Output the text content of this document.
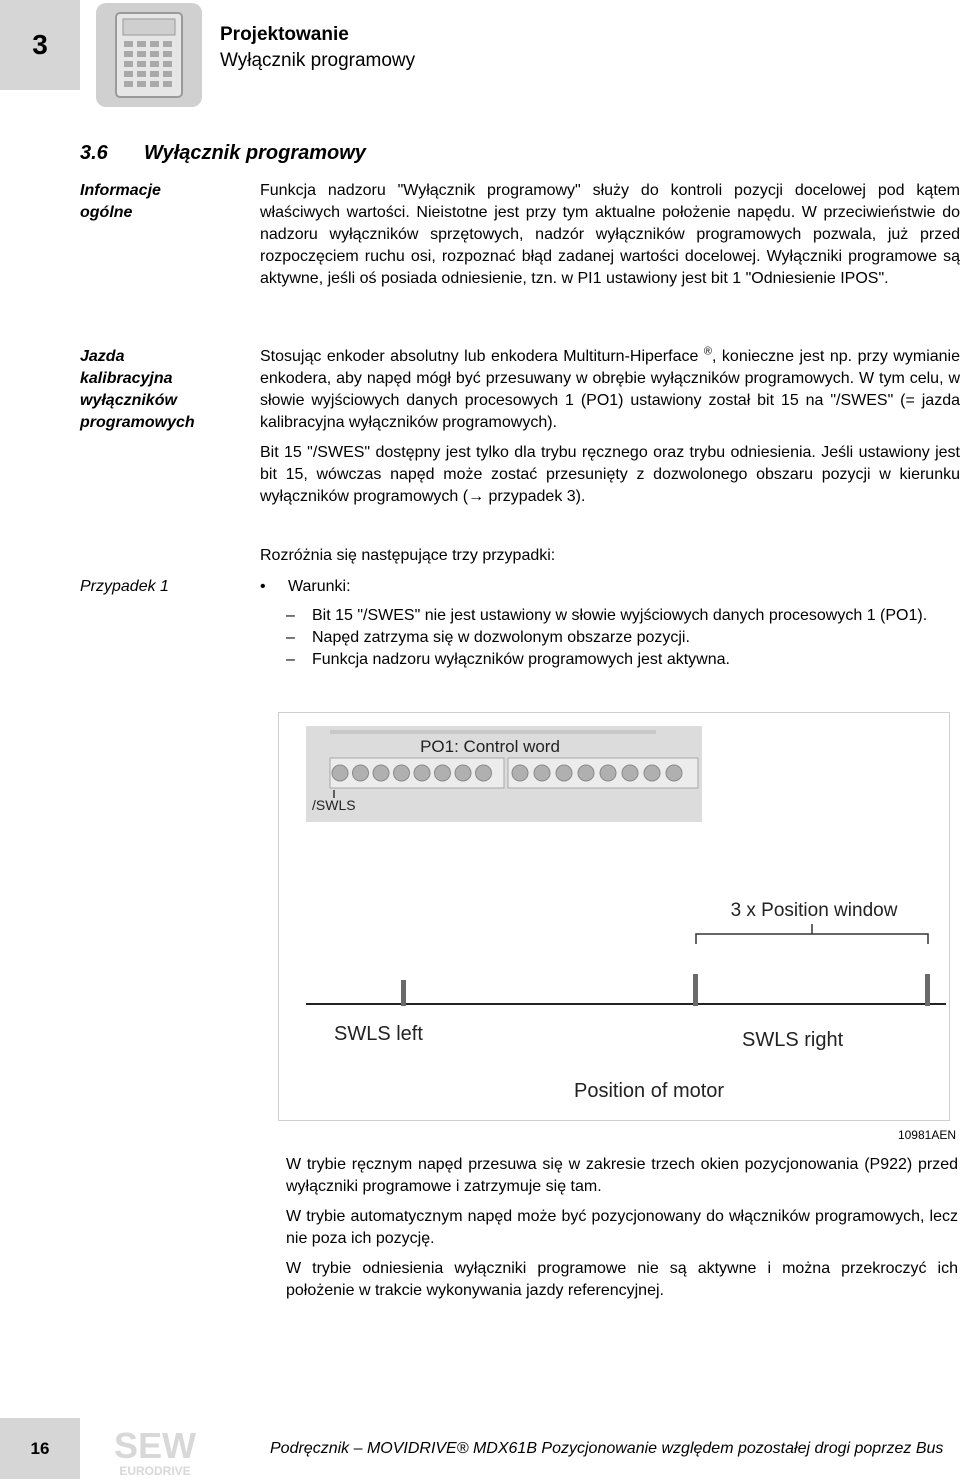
3	Projektowanie
Wyłącznik programowy
3.6 Wyłącznik programowy
Informacje
ogólne

Funkcja nadzoru "Wyłącznik programowy" służy do kontroli pozycji docelowej pod kątem właściwych wartości. Nieistotne jest przy tym aktualne położenie napędu. W przeciwieństwie do nadzoru wyłączników sprzętowych, nadzór wyłączników programowych pozwala, już przed rozpoczęciem ruchu osi, rozpoznać błąd zadanej wartości docelowej. Wyłączniki programowe są aktywne, jeśli oś posiada odniesienie, tzn. w PI1 ustawiony jest bit 1 "Odniesienie IPOS".

Jazda
kalibracyjna
wyłączników
programowych

Stosując enkoder absolutny lub enkodera Multiturn-Hiperface ®, konieczne jest np. przy wymianie enkodera, aby napęd mógł być przesuwany w obrębie wyłączników programowych. W tym celu, w słowie wyjściowych danych procesowych 1 (PO1) ustawiony został bit 15 na "/SWES" (= jazda kalibracyjna wyłączników programowych).

Bit 15 "/SWES" dostępny jest tylko dla trybu ręcznego oraz trybu odniesienia. Jeśli ustawiony jest bit 15, wówczas napęd może zostać przesunięty z dozwolonego obszaru pozycji w kierunku wyłączników programowych (→ przypadek 3).

Rozróżnia się następujące trzy przypadki:
Przypadek 1	• Warunki:
– Bit 15 "/SWES" nie jest ustawiony w słowie wyjściowych danych procesowych 1 (PO1).
– Napęd zatrzyma się w dozwolonym obszarze pozycji.
– Funkcja nadzoru wyłączników programowych jest aktywna.
PO1: Control word
/SWLS
3 x Position window
SWLS left	SWLS right
Position of motor
10981AEN

W trybie ręcznym napęd przesuwa się w zakresie trzech okien pozycjonowania (P922) przed wyłączniki programowe i zatrzymuje się tam.

W trybie automatycznym napęd może być pozycjonowany do włączników programowych, lecz nie poza ich pozycję.

W trybie odniesienia wyłączniki programowe nie są aktywne i można przekroczyć ich położenie w trakcie wykonywania jazdy referencyjnej.

16 SEW
EURODRIVE
Podręcznik – MOVIDRIVE® MDX61B Pozycjonowanie względem pozostałej drogi poprzez Bus
